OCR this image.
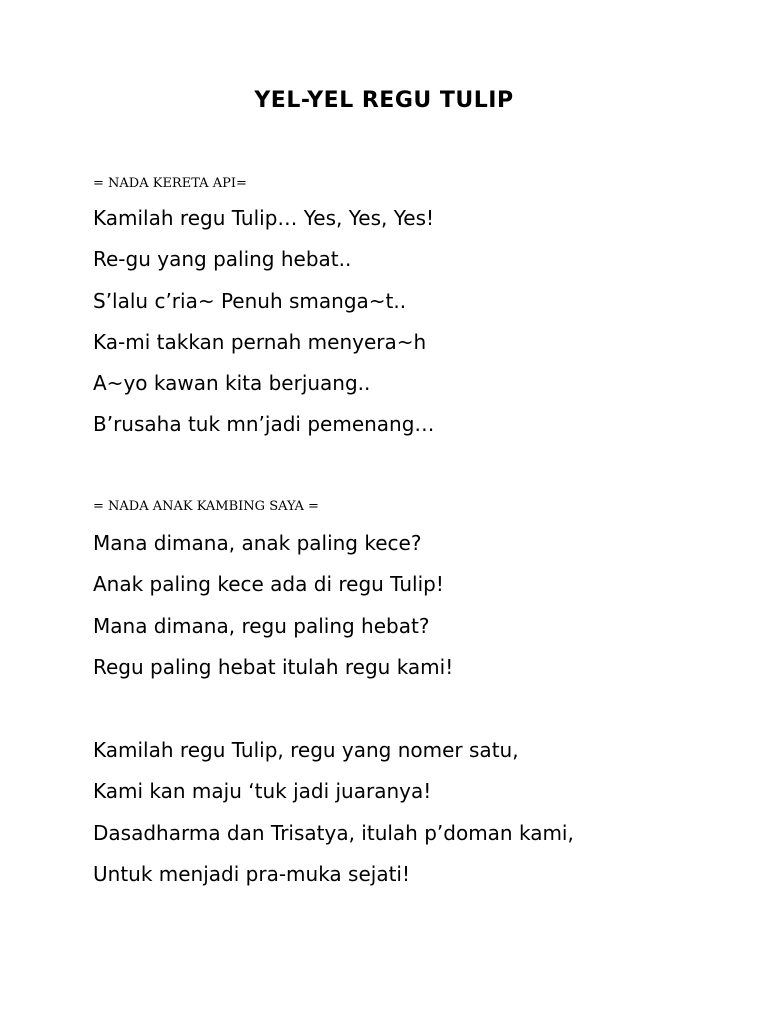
YEL-YEL REGU TULIP
= NADA KERETA API=
Kamilah regu Tulip… Yes, Yes, Yes!
Re-gu yang paling hebat..
S’lalu c’ria~ Penuh smanga~t..
Ka-mi takkan pernah menyera~h
A~yo kawan kita berjuang..
B’rusaha tuk mn’jadi pemenang…
= NADA ANAK KAMBING SAYA =
Mana dimana, anak paling kece?
Anak paling kece ada di regu Tulip!
Mana dimana, regu paling hebat?
Regu paling hebat itulah regu kami!
Kamilah regu Tulip, regu yang nomer satu,
Kami kan maju ‘tuk jadi juaranya!
Dasadharma dan Trisatya, itulah p’doman kami,
Untuk menjadi pra-muka sejati!
